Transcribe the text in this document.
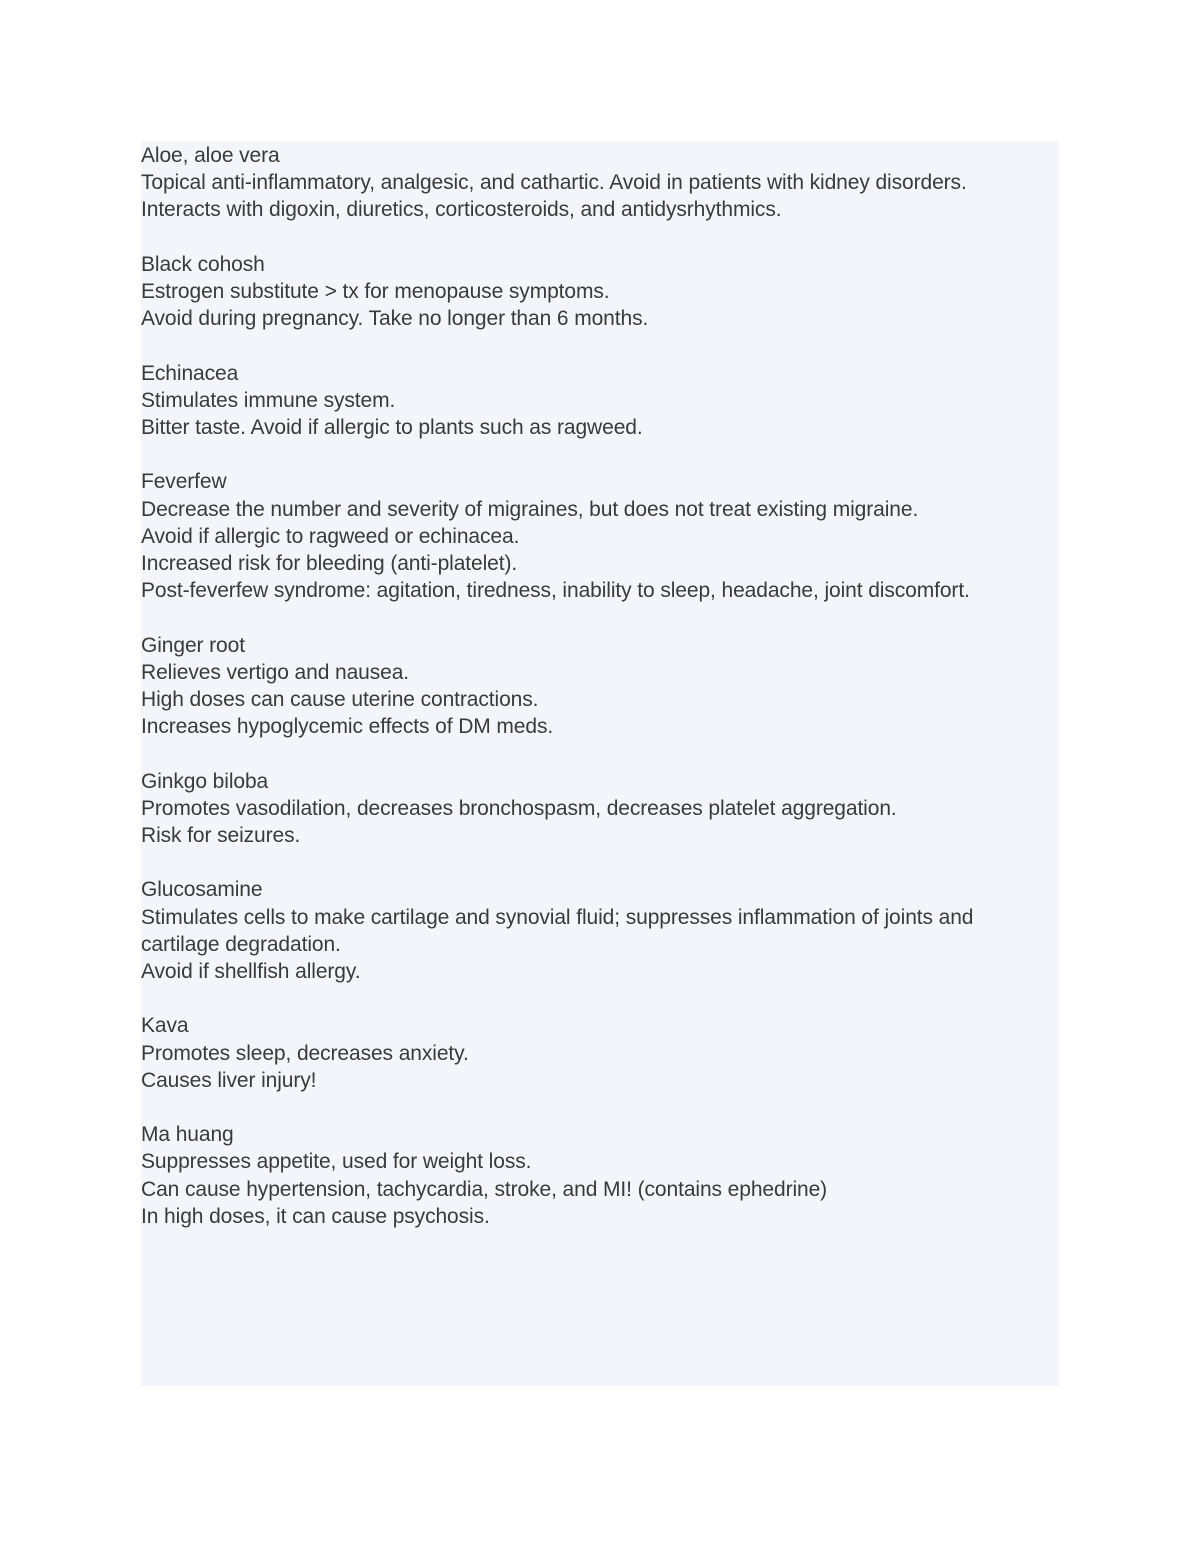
Aloe, aloe vera
Topical anti-inflammatory, analgesic, and cathartic. Avoid in patients with kidney disorders. Interacts with digoxin, diuretics, corticosteroids, and antidysrhythmics.
Black cohosh
Estrogen substitute > tx for menopause symptoms.
Avoid during pregnancy. Take no longer than 6 months.
Echinacea
Stimulates immune system.
Bitter taste. Avoid if allergic to plants such as ragweed.
Feverfew
Decrease the number and severity of migraines, but does not treat existing migraine.
Avoid if allergic to ragweed or echinacea.
Increased risk for bleeding (anti-platelet).
Post-feverfew syndrome: agitation, tiredness, inability to sleep, headache, joint discomfort.
Ginger root
Relieves vertigo and nausea.
High doses can cause uterine contractions.
Increases hypoglycemic effects of DM meds.
Ginkgo biloba
Promotes vasodilation, decreases bronchospasm, decreases platelet aggregation.
Risk for seizures.
Glucosamine
Stimulates cells to make cartilage and synovial fluid; suppresses inflammation of joints and cartilage degradation.
Avoid if shellfish allergy.
Kava
Promotes sleep, decreases anxiety.
Causes liver injury!
Ma huang
Suppresses appetite, used for weight loss.
Can cause hypertension, tachycardia, stroke, and MI! (contains ephedrine)
In high doses, it can cause psychosis.
